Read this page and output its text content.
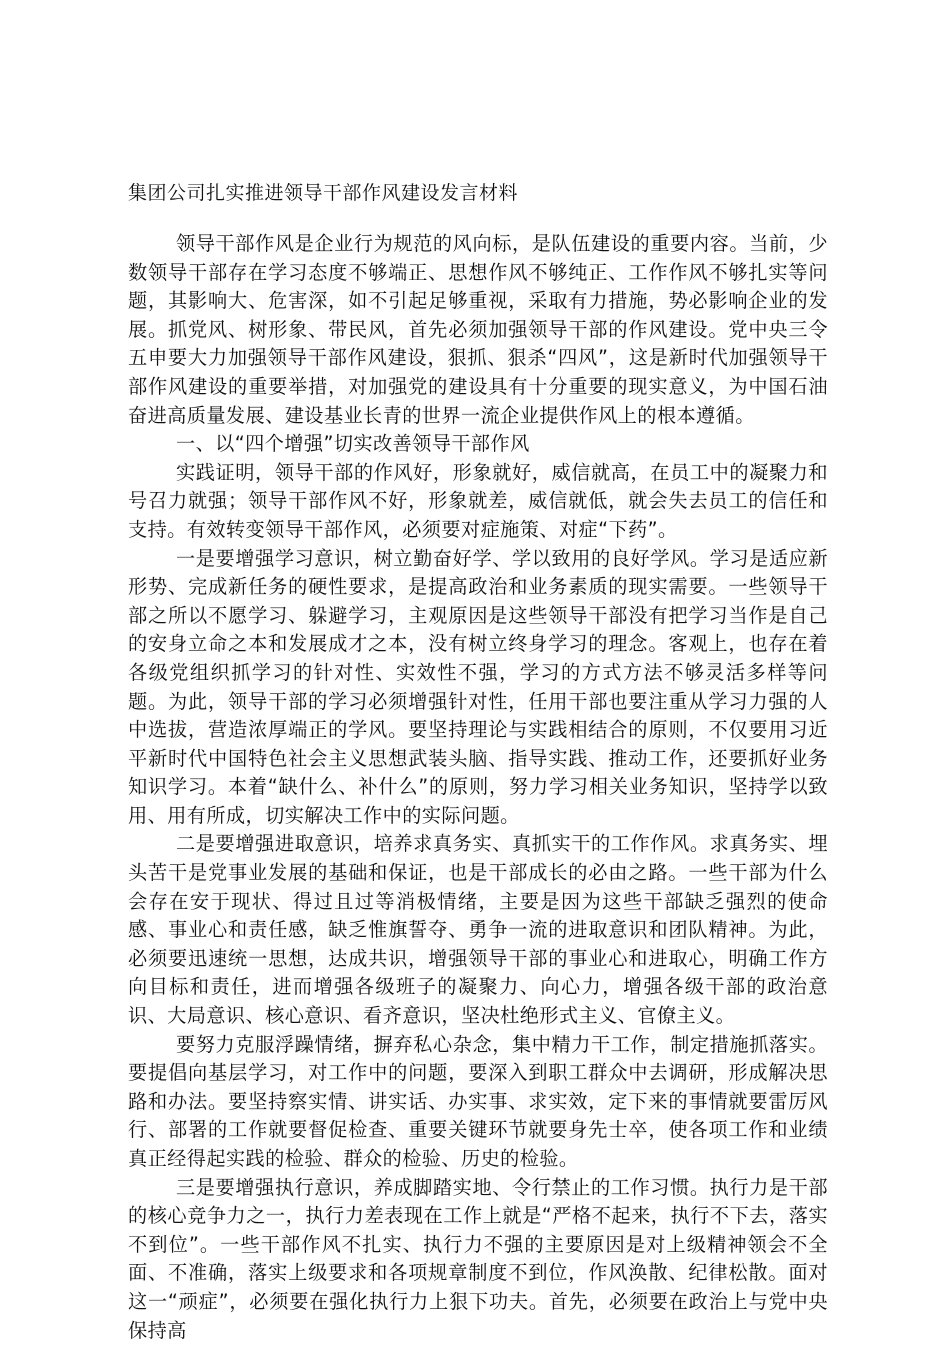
集团公司扎实推进领导干部作风建设发言材料

领导干部作风是企业行为规范的风向标，是队伍建设的重要内容。当前，少数领导干部存在学习态度不够端正、思想作风不够纯正、工作作风不够扎实等问题，其影响大、危害深，如不引起足够重视，采取有力措施，势必影响企业的发展。抓党风、树形象、带民风，首先必须加强领导干部的作风建设。党中央三令五申要大力加强领导干部作风建设，狠抓、狠杀“四风”，这是新时代加强领导干部作风建设的重要举措，对加强党的建设具有十分重要的现实意义，为中国石油奋进高质量发展、建设基业长青的世界一流企业提供作风上的根本遵循。

一、以“四个增强”切实改善领导干部作风

实践证明，领导干部的作风好，形象就好，威信就高，在员工中的凝聚力和号召力就强；领导干部作风不好，形象就差，威信就低，就会失去员工的信任和支持。有效转变领导干部作风，必须要对症施策、对症“下药”。

一是要增强学习意识，树立勤奋好学、学以致用的良好学风。学习是适应新形势、完成新任务的硬性要求，是提高政治和业务素质的现实需要。一些领导干部之所以不愿学习、躲避学习，主观原因是这些领导干部没有把学习当作是自己的安身立命之本和发展成才之本，没有树立终身学习的理念。客观上，也存在着各级党组织抓学习的针对性、实效性不强，学习的方式方法不够灵活多样等问题。为此，领导干部的学习必须增强针对性，任用干部也要注重从学习力强的人中选拔，营造浓厚端正的学风。要坚持理论与实践相结合的原则，不仅要用习近平新时代中国特色社会主义思想武装头脑、指导实践、推动工作，还要抓好业务知识学习。本着“缺什么、补什么”的原则，努力学习相关业务知识，坚持学以致用、用有所成，切实解决工作中的实际问题。

二是要增强进取意识，培养求真务实、真抓实干的工作作风。求真务实、埋头苦干是党事业发展的基础和保证，也是干部成长的必由之路。一些干部为什么会存在安于现状、得过且过等消极情绪，主要是因为这些干部缺乏强烈的使命感、事业心和责任感，缺乏惟旗誓夺、勇争一流的进取意识和团队精神。为此，必须要迅速统一思想，达成共识，增强领导干部的事业心和进取心，明确工作方向目标和责任，进而增强各级班子的凝聚力、向心力，增强各级干部的政治意识、大局意识、核心意识、看齐意识，坚决杜绝形式主义、官僚主义。

要努力克服浮躁情绪，摒弃私心杂念，集中精力干工作，制定措施抓落实。要提倡向基层学习，对工作中的问题，要深入到职工群众中去调研，形成解决思路和办法。要坚持察实情、讲实话、办实事、求实效，定下来的事情就要雷厉风行、部署的工作就要督促检查、重要关键环节就要身先士卒，使各项工作和业绩真正经得起实践的检验、群众的检验、历史的检验。

三是要增强执行意识，养成脚踏实地、令行禁止的工作习惯。执行力是干部的核心竞争力之一，执行力差表现在工作上就是“严格不起来，执行不下去，落实不到位”。一些干部作风不扎实、执行力不强的主要原因是对上级精神领会不全面、不准确，落实上级要求和各项规章制度不到位，作风涣散、纪律松散。面对这一“顽症”，必须要在强化执行力上狠下功夫。首先，必须要在政治上与党中央保持高
